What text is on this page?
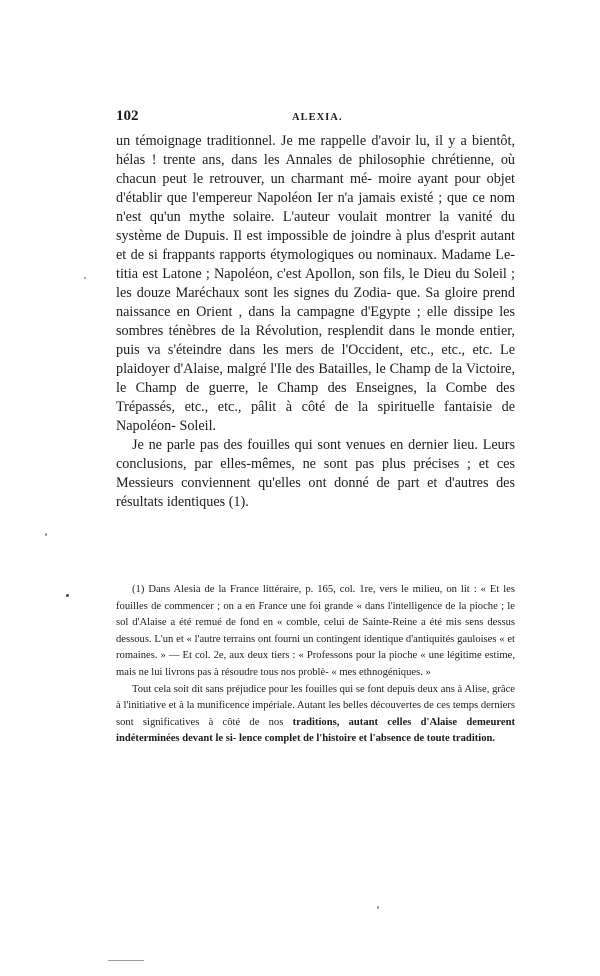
102	ALEXIA.

un témoignage traditionnel. Je me rappelle d'avoir lu, il y a bientôt, hélas ! trente ans, dans les Annales de philosophie chrétienne, où chacun peut le retrouver, un charmant mé- moire ayant pour objet d'établir que l'empereur Napoléon Ier n'a jamais existé ; que ce nom n'est qu'un mythe solaire. L'auteur voulait montrer la vanité du système de Dupuis. Il est impossible de joindre à plus d'esprit autant et de si frappants rapports étymologiques ou nominaux. Madame Le- titia est Latone ; Napoléon, c'est Apollon, son fils, le Dieu du Soleil ; les douze Maréchaux sont les signes du Zodia- que. Sa gloire prend naissance en Orient , dans la campagne d'Egypte ; elle dissipe les sombres ténèbres de la Révolution, resplendit dans le monde entier, puis va s'éteindre dans les mers de l'Occident, etc., etc., etc. Le plaidoyer d'Alaise, malgré l'Ile des Batailles, le Champ de la Victoire, le Champ de guerre, le Champ des Enseignes, la Combe des Trépassés, etc., etc., pâlit à côté de la spirituelle fantaisie de Napoléon- Soleil.

Je ne parle pas des fouilles qui sont venues en dernier lieu. Leurs conclusions, par elles-mêmes, ne sont pas plus précises ; et ces Messieurs conviennent qu'elles ont donné de part et d'autres des résultats identiques (1).

(1) Dans Alesia de la France littéraire, p. 165, col. 1re, vers le milieu, on lit : « Et les fouilles de commencer ; on a en France une foi grande « dans l'intelligence de la pioche ; le sol d'Alaise a été remué de fond en « comble, celui de Sainte-Reine a été mis sens dessus dessous. L'un et « l'autre terrains ont fourni un contingent identique d'antiquités gauloises « et romaines. » — Et col. 2e, aux deux tiers : « Professons pour la pioche « une légitime estime, mais ne lui livrons pas à résoudre tous nos problè- « mes ethnogéniques. »

Tout cela soit dit sans préjudice pour les fouilles qui se font depuis deux ans à Alise, grâce à l'initiative et à la munificence impériale. Autant les belles découvertes de ces temps derniers sont significatives à côté de nos traditions, autant celles d'Alaise demeurent indéterminées devant le si- lence complet de l'histoire et l'absence de toute tradition.
